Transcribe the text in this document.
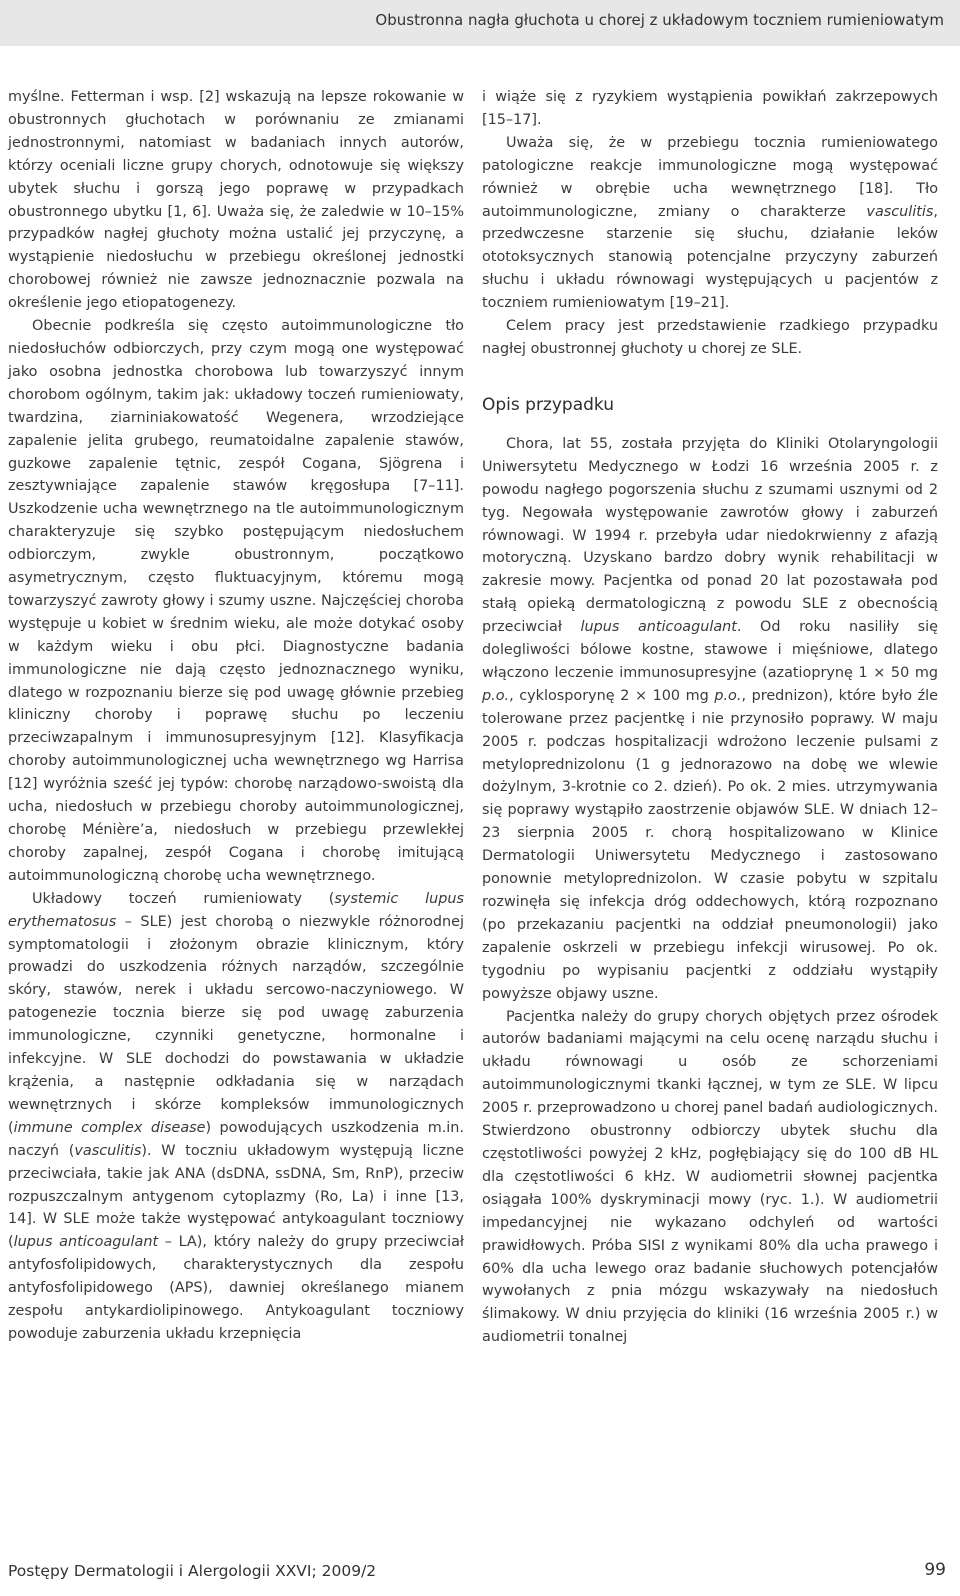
Obustronna nagła głuchota u chorej z układowym toczniem rumieniowatym

myślne. Fetterman i wsp. [2] wskazują na lepsze rokowanie w obustronnych głuchotach w porównaniu ze zmianami jednostronnymi, natomiast w badaniach innych autorów, którzy oceniali liczne grupy chorych, odnotowuje się większy ubytek słuchu i gorszą jego poprawę w przypadkach obustronnego ubytku [1, 6]. Uważa się, że zaledwie w 10–15% przypadków nagłej głuchoty można ustalić jej przyczynę, a wystąpienie niedosłuchu w przebiegu określonej jednostki chorobowej również nie zawsze jednoznacznie pozwala na określenie jego etiopatogenezy.

Obecnie podkreśla się często autoimmunologiczne tło niedosłuchów odbiorczych, przy czym mogą one występować jako osobna jednostka chorobowa lub towarzyszyć innym chorobom ogólnym, takim jak: układowy toczeń rumieniowaty, twardzina, ziarniniakowatość Wegenera, wrzodziejące zapalenie jelita grubego, reumatoidalne zapalenie stawów, guzkowe zapalenie tętnic, zespół Cogana, Sjögrena i zesztywniające zapalenie stawów kręgosłupa [7–11]. Uszkodzenie ucha wewnętrznego na tle autoimmunologicznym charakteryzuje się szybko postępującym niedosłuchem odbiorczym, zwykle obustronnym, początkowo asymetrycznym, często fluktuacyjnym, któremu mogą towarzyszyć zawroty głowy i szumy uszne. Najczęściej choroba występuje u kobiet w średnim wieku, ale może dotykać osoby w każdym wieku i obu płci. Diagnostyczne badania immunologiczne nie dają często jednoznacznego wyniku, dlatego w rozpoznaniu bierze się pod uwagę głównie przebieg kliniczny choroby i poprawę słuchu po leczeniu przeciwzapalnym i immunosupresyjnym [12]. Klasyfikacja choroby autoimmunologicznej ucha wewnętrznego wg Harrisa [12] wyróżnia sześć jej typów: chorobę narządowo-swoistą dla ucha, niedosłuch w przebiegu choroby autoimmunologicznej, chorobę Ménière’a, niedosłuch w przebiegu przewlekłej choroby zapalnej, zespół Cogana i chorobę imitującą autoimmunologiczną chorobę ucha wewnętrznego.

Układowy toczeń rumieniowaty (systemic lupus erythematosus – SLE) jest chorobą o niezwykle różnorodnej symptomatologii i złożonym obrazie klinicznym, który prowadzi do uszkodzenia różnych narządów, szczególnie skóry, stawów, nerek i układu sercowo-naczyniowego. W patogenezie tocznia bierze się pod uwagę zaburzenia immunologiczne, czynniki genetyczne, hormonalne i infekcyjne. W SLE dochodzi do powstawania w układzie krążenia, a następnie odkładania się w narządach wewnętrznych i skórze kompleksów immunologicznych (immune complex disease) powodujących uszkodzenia m.in. naczyń (vasculitis). W toczniu układowym występują liczne przeciwciała, takie jak ANA (dsDNA, ssDNA, Sm, RnP), przeciw rozpuszczalnym antygenom cytoplazmy (Ro, La) i inne [13, 14]. W SLE może także występować antykoagulant toczniowy (lupus anticoagulant – LA), który należy do grupy przeciwciał antyfosfolipidowych, charakterystycznych dla zespołu antyfosfolipidowego (APS), dawniej określanego mianem zespołu antykardiolipinowego. Antykoagulant toczniowy powoduje zaburzenia układu krzepnięcia

i wiąże się z ryzykiem wystąpienia powikłań zakrzepowych [15–17].

Uważa się, że w przebiegu tocznia rumieniowatego patologiczne reakcje immunologiczne mogą występować również w obrębie ucha wewnętrznego [18]. Tło autoimmunologiczne, zmiany o charakterze vasculitis, przedwczesne starzenie się słuchu, działanie leków ototoksycznych stanowią potencjalne przyczyny zaburzeń słuchu i układu równowagi występujących u pacjentów z toczniem rumieniowatym [19–21].

Celem pracy jest przedstawienie rzadkiego przypadku nagłej obustronnej głuchoty u chorej ze SLE.

Opis przypadku

Chora, lat 55, została przyjęta do Kliniki Otolaryngologii Uniwersytetu Medycznego w Łodzi 16 września 2005 r. z powodu nagłego pogorszenia słuchu z szumami usznymi od 2 tyg. Negowała występowanie zawrotów głowy i zaburzeń równowagi. W 1994 r. przebyła udar niedokrwienny z afazją motoryczną. Uzyskano bardzo dobry wynik rehabilitacji w zakresie mowy. Pacjentka od ponad 20 lat pozostawała pod stałą opieką dermatologiczną z powodu SLE z obecnością przeciwciał lupus anticoagulant. Od roku nasiliły się dolegliwości bólowe kostne, stawowe i mięśniowe, dlatego włączono leczenie immunosupresyjne (azatioprynę 1 × 50 mg p.o., cyklosporynę 2 × 100 mg p.o., prednizon), które było źle tolerowane przez pacjentkę i nie przynosiło poprawy. W maju 2005 r. podczas hospitalizacji wdrożono leczenie pulsami z metyloprednizolonu (1 g jednorazowo na dobę we wlewie dożylnym, 3-krotnie co 2. dzień). Po ok. 2 mies. utrzymywania się poprawy wystąpiło zaostrzenie objawów SLE. W dniach 12–23 sierpnia 2005 r. chorą hospitalizowano w Klinice Dermatologii Uniwersytetu Medycznego i zastosowano ponownie metyloprednizolon. W czasie pobytu w szpitalu rozwinęła się infekcja dróg oddechowych, którą rozpoznano (po przekazaniu pacjentki na oddział pneumonologii) jako zapalenie oskrzeli w przebiegu infekcji wirusowej. Po ok. tygodniu po wypisaniu pacjentki z oddziału wystąpiły powyższe objawy uszne.

Pacjentka należy do grupy chorych objętych przez ośrodek autorów badaniami mającymi na celu ocenę narządu słuchu i układu równowagi u osób ze schorzeniami autoimmunologicznymi tkanki łącznej, w tym ze SLE. W lipcu 2005 r. przeprowadzono u chorej panel badań audiologicznych. Stwierdzono obustronny odbiorczy ubytek słuchu dla częstotliwości powyżej 2 kHz, pogłębiający się do 100 dB HL dla częstotliwości 6 kHz. W audiometrii słownej pacjentka osiągała 100% dyskryminacji mowy (ryc. 1.). W audiometrii impedancyjnej nie wykazano odchyleń od wartości prawidłowych. Próba SISI z wynikami 80% dla ucha prawego i 60% dla ucha lewego oraz badanie słuchowych potencjałów wywołanych z pnia mózgu wskazywały na niedosłuch ślimakowy. W dniu przyjęcia do kliniki (16 września 2005 r.) w audiometrii tonalnej

Postępy Dermatologii i Alergologii XXVI; 2009/2	99
